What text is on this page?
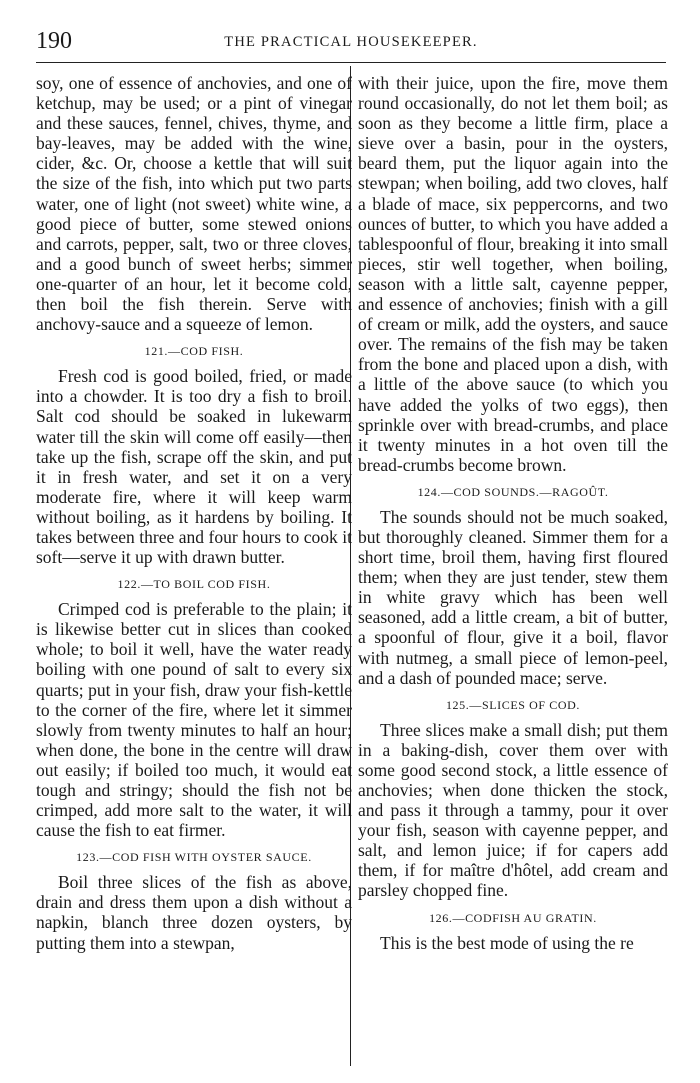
190	THE PRACTICAL HOUSEKEEPER.

soy, one of essence of anchovies, and one of ketchup, may be used; or a pint of vinegar and these sauces, fennel, chives, thyme, and bay-leaves, may be added with the wine, cider, &c. Or, choose a kettle that will suit the size of the fish, into which put two parts water, one of light (not sweet) white wine, a good piece of butter, some stewed onions and carrots, pepper, salt, two or three cloves, and a good bunch of sweet herbs; simmer one-quarter of an hour, let it become cold, then boil the fish therein. Serve with anchovy-sauce and a squeeze of lemon.

121.—COD FISH.

Fresh cod is good boiled, fried, or made into a chowder. It is too dry a fish to broil. Salt cod should be soaked in lukewarm water till the skin will come off easily—then take up the fish, scrape off the skin, and put it in fresh water, and set it on a very moderate fire, where it will keep warm without boiling, as it hardens by boiling. It takes between three and four hours to cook it soft—serve it up with drawn butter.

122.—TO BOIL COD FISH.

Crimped cod is preferable to the plain; it is likewise better cut in slices than cooked whole; to boil it well, have the water ready boiling with one pound of salt to every six quarts; put in your fish, draw your fish-kettle to the corner of the fire, where let it simmer slowly from twenty minutes to half an hour; when done, the bone in the centre will draw out easily; if boiled too much, it would eat tough and stringy; should the fish not be crimped, add more salt to the water, it will cause the fish to eat firmer.

123.—COD FISH WITH OYSTER SAUCE.

Boil three slices of the fish as above, drain and dress them upon a dish without a napkin, blanch three dozen oysters, by putting them into a stewpan,

with their juice, upon the fire, move them round occasionally, do not let them boil; as soon as they become a little firm, place a sieve over a basin, pour in the oysters, beard them, put the liquor again into the stewpan; when boiling, add two cloves, half a blade of mace, six peppercorns, and two ounces of butter, to which you have added a tablespoonful of flour, breaking it into small pieces, stir well together, when boiling, season with a little salt, cayenne pepper, and essence of anchovies; finish with a gill of cream or milk, add the oysters, and sauce over. The remains of the fish may be taken from the bone and placed upon a dish, with a little of the above sauce (to which you have added the yolks of two eggs), then sprinkle over with bread-crumbs, and place it twenty minutes in a hot oven till the bread-crumbs become brown.

124.—COD SOUNDS.—RAGOÛT.

The sounds should not be much soaked, but thoroughly cleaned. Simmer them for a short time, broil them, having first floured them; when they are just tender, stew them in white gravy which has been well seasoned, add a little cream, a bit of butter, a spoonful of flour, give it a boil, flavor with nutmeg, a small piece of lemon-peel, and a dash of pounded mace; serve.

125.—SLICES OF COD.

Three slices make a small dish; put them in a baking-dish, cover them over with some good second stock, a little essence of anchovies; when done thicken the stock, and pass it through a tammy, pour it over your fish, season with cayenne pepper, and salt, and lemon juice; if for capers add them, if for maître d'hôtel, add cream and parsley chopped fine.

126.—CODFISH AU GRATIN.

This is the best mode of using the re
